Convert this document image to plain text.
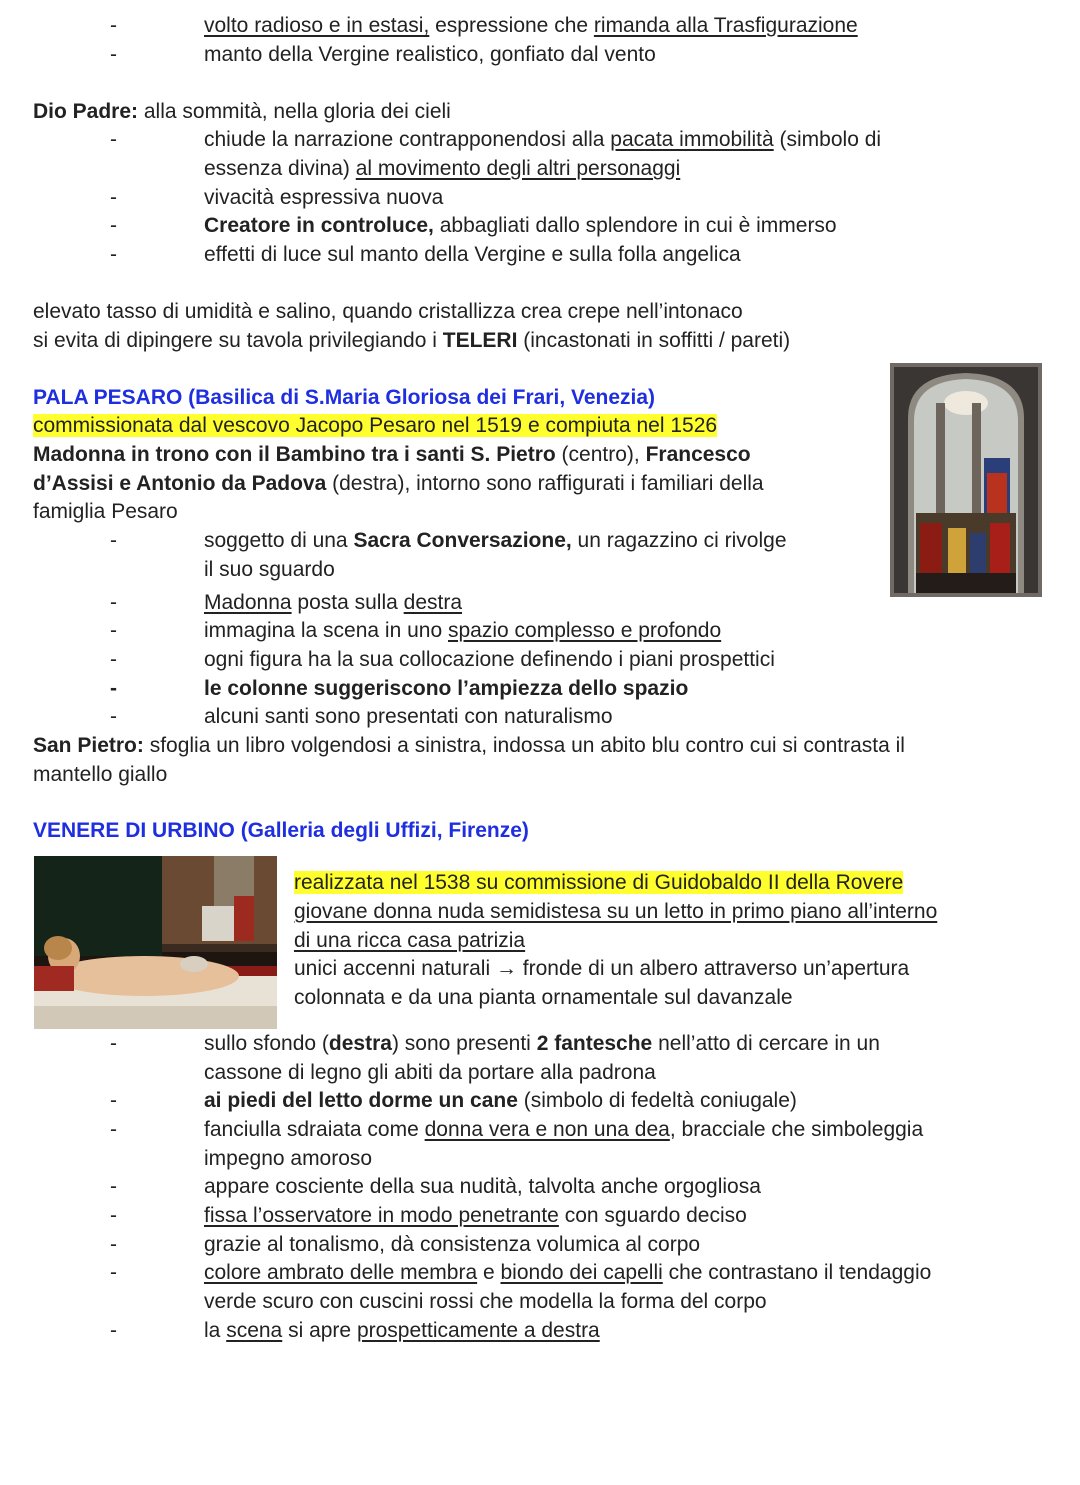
-	volto radioso e in estasi, espressione che rimanda alla Trasfigurazione
-	manto della Vergine realistico, gonfiato dal vento
Dio Padre: alla sommità, nella gloria dei cieli
-	chiude la narrazione contrapponendosi alla pacata immobilità (simbolo di
essenza divina) al movimento degli altri personaggi
-	vivacità espressiva nuova
-	Creatore in controluce, abbagliati dallo splendore in cui è immerso
-	effetti di luce sul manto della Vergine e sulla folla angelica
elevato tasso di umidità e salino, quando cristallizza crea crepe nell’intonaco
si evita di dipingere su tavola privilegiando i TELERI (incastonati in soffitti / pareti)
PALA PESARO (Basilica di S.Maria Gloriosa dei Frari, Venezia)
commissionata dal vescovo Jacopo Pesaro nel 1519 e compiuta nel 1526
Madonna in trono con il Bambino tra i santi S. Pietro (centro), Francesco
d’Assisi e Antonio da Padova (destra), intorno sono raffigurati i familiari della
famiglia Pesaro
-	soggetto di una Sacra Conversazione, un ragazzino ci rivolge
il suo sguardo
-	Madonna posta sulla destra
-	immagina la scena in uno spazio complesso e profondo
-	ogni figura ha la sua collocazione definendo i piani prospettici
-	le colonne suggeriscono l’ampiezza dello spazio
-	alcuni santi sono presentati con naturalismo
San Pietro: sfoglia un libro volgendosi a sinistra, indossa un abito blu contro cui si contrasta il
mantello giallo
VENERE DI URBINO (Galleria degli Uffizi, Firenze)
realizzata nel 1538 su commissione di Guidobaldo II della Rovere
giovane donna nuda semidistesa su un letto in primo piano all’interno
di una ricca casa patrizia
unici accenni naturali → fronde di un albero attraverso un’apertura
colonnata e da una pianta ornamentale sul davanzale
-	sullo sfondo (destra) sono presenti 2 fantesche nell’atto di cercare in un
cassone di legno gli abiti da portare alla padrona
-	ai piedi del letto dorme un cane (simbolo di fedeltà coniugale)
-	fanciulla sdraiata come donna vera e non una dea, bracciale che simboleggia
impegno amoroso
-	appare cosciente della sua nudità, talvolta anche orgogliosa
-	fissa l’osservatore in modo penetrante con sguardo deciso
-	grazie al tonalismo, dà consistenza volumica al corpo
-	colore ambrato delle membra e biondo dei capelli che contrastano il tendaggio
verde scuro con cuscini rossi che modella la forma del corpo
-	la scena si apre prospetticamente a destra
